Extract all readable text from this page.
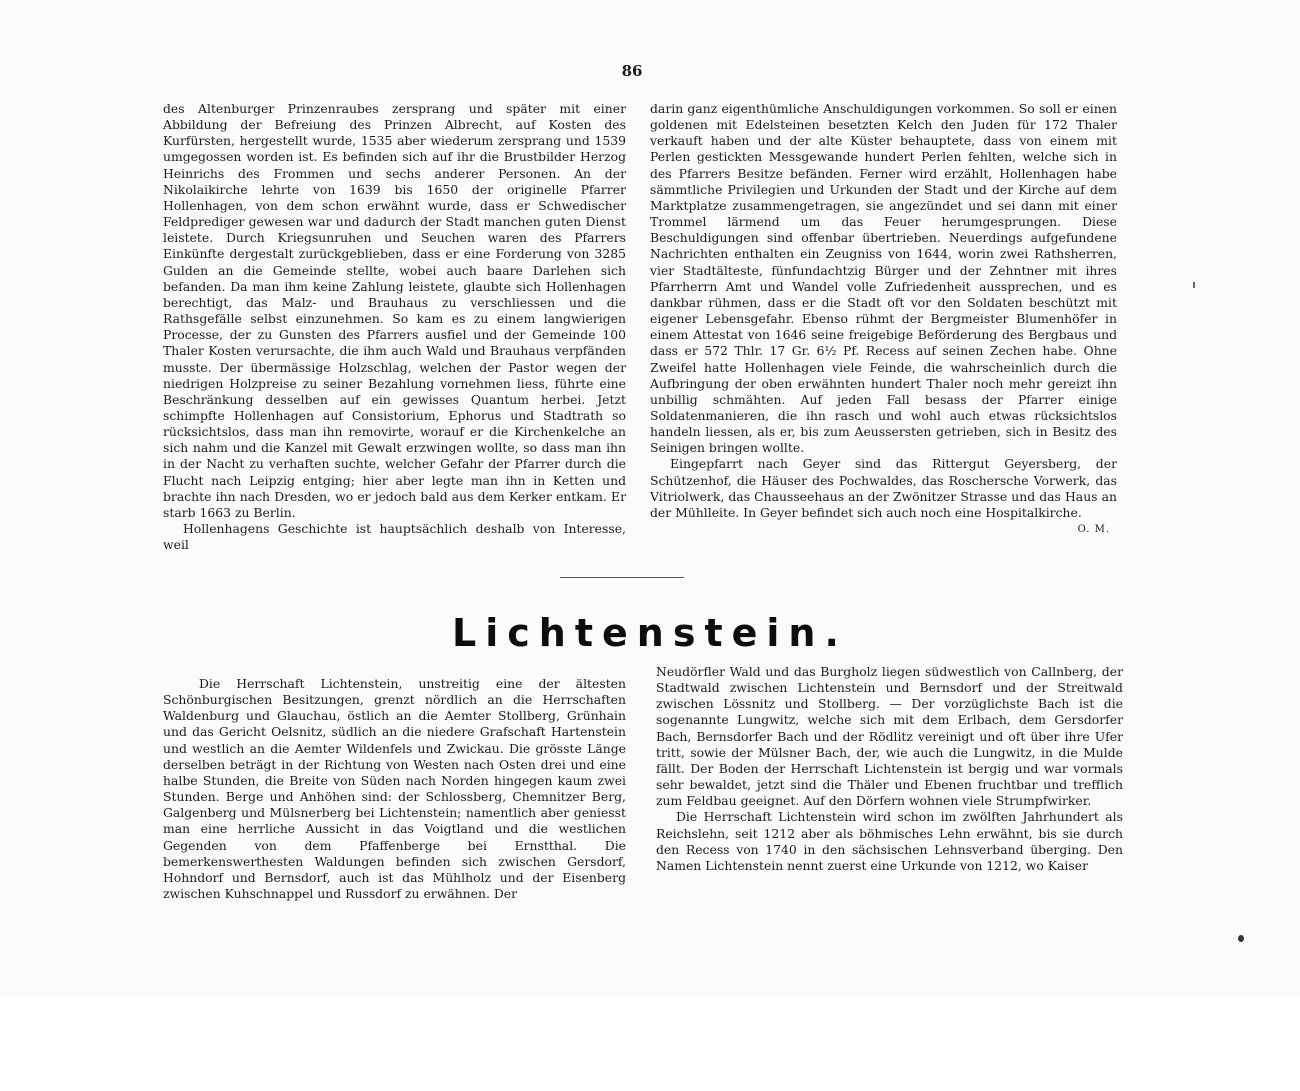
86

des Altenburger Prinzenraubes zersprang und später mit einer Abbildung der Befreiung des Prinzen Albrecht, auf Kosten des Kurfürsten, hergestellt wurde, 1535 aber wiederum zersprang und 1539 umgegossen worden ist. Es befinden sich auf ihr die Brustbilder Herzog Heinrichs des Frommen und sechs anderer Personen. An der Nikolaikirche lehrte von 1639 bis 1650 der originelle Pfarrer Hollenhagen, von dem schon erwähnt wurde, dass er Schwedischer Feldprediger gewesen war und dadurch der Stadt manchen guten Dienst leistete. Durch Kriegsunruhen und Seuchen waren des Pfarrers Einkünfte dergestalt zurückgeblieben, dass er eine Forderung von 3285 Gulden an die Gemeinde stellte, wobei auch baare Darlehen sich befanden. Da man ihm keine Zahlung leistete, glaubte sich Hollenhagen berechtigt, das Malz- und Brauhaus zu verschliessen und die Rathsgefälle selbst einzunehmen. So kam es zu einem langwierigen Processe, der zu Gunsten des Pfarrers ausfiel und der Gemeinde 100 Thaler Kosten verursachte, die ihm auch Wald und Brauhaus verpfänden musste. Der übermässige Holzschlag, welchen der Pastor wegen der niedrigen Holzpreise zu seiner Bezahlung vornehmen liess, führte eine Beschränkung desselben auf ein gewisses Quantum herbei. Jetzt schimpfte Hollenhagen auf Consistorium, Ephorus und Stadtrath so rücksichtslos, dass man ihn removirte, worauf er die Kirchenkelche an sich nahm und die Kanzel mit Gewalt erzwingen wollte, so dass man ihn in der Nacht zu verhaften suchte, welcher Gefahr der Pfarrer durch die Flucht nach Leipzig entging; hier aber legte man ihn in Ketten und brachte ihn nach Dresden, wo er jedoch bald aus dem Kerker entkam. Er starb 1663 zu Berlin.

Hollenhagens Geschichte ist hauptsächlich deshalb von Interesse, weil

darin ganz eigenthümliche Anschuldigungen vorkommen. So soll er einen goldenen mit Edelsteinen besetzten Kelch den Juden für 172 Thaler verkauft haben und der alte Küster behauptete, dass von einem mit Perlen gestickten Messgewande hundert Perlen fehlten, welche sich in des Pfarrers Besitze befänden. Ferner wird erzählt, Hollenhagen habe sämmtliche Privilegien und Urkunden der Stadt und der Kirche auf dem Marktplatze zusammengetragen, sie angezündet und sei dann mit einer Trommel lärmend um das Feuer herumgesprungen. Diese Beschuldigungen sind offenbar übertrieben. Neuerdings aufgefundene Nachrichten enthalten ein Zeugniss von 1644, worin zwei Rathsherren, vier Stadtälteste, fünfundachtzig Bürger und der Zehntner mit ihres Pfarrherrn Amt und Wandel volle Zufriedenheit aussprechen, und es dankbar rühmen, dass er die Stadt oft vor den Soldaten beschützt mit eigener Lebensgefahr. Ebenso rühmt der Bergmeister Blumenhöfer in einem Attestat von 1646 seine freigebige Beförderung des Bergbaus und dass er 572 Thlr. 17 Gr. 6½ Pf. Recess auf seinen Zechen habe. Ohne Zweifel hatte Hollenhagen viele Feinde, die wahrscheinlich durch die Aufbringung der oben erwähnten hundert Thaler noch mehr gereizt ihn unbillig schmähten. Auf jeden Fall besass der Pfarrer einige Soldatenmanieren, die ihn rasch und wohl auch etwas rücksichtslos handeln liessen, als er, bis zum Aeussersten getrieben, sich in Besitz des Seinigen bringen wollte.

Eingepfarrt nach Geyer sind das Rittergut Geyersberg, der Schützenhof, die Häuser des Pochwaldes, das Roschersche Vorwerk, das Vitriolwerk, das Chausseehaus an der Zwönitzer Strasse und das Haus an der Mühlleite. In Geyer befindet sich auch noch eine Hospitalkirche.

O. M.
Lichtenstein.

Die Herrschaft Lichtenstein, unstreitig eine der ältesten Schönburgischen Besitzungen, grenzt nördlich an die Herrschaften Waldenburg und Glauchau, östlich an die Aemter Stollberg, Grünhain und das Gericht Oelsnitz, südlich an die niedere Grafschaft Hartenstein und westlich an die Aemter Wildenfels und Zwickau. Die grösste Länge derselben beträgt in der Richtung von Westen nach Osten drei und eine halbe Stunden, die Breite von Süden nach Norden hingegen kaum zwei Stunden. Berge und Anhöhen sind: der Schlossberg, Chemnitzer Berg, Galgenberg und Mülsnerberg bei Lichtenstein; namentlich aber geniesst man eine herrliche Aussicht in das Voigtland und die westlichen Gegenden von dem Pfaffenberge bei Ernstthal. Die bemerkenswerthesten Waldungen befinden sich zwischen Gersdorf, Hohndorf und Bernsdorf, auch ist das Mühlholz und der Eisenberg zwischen Kuhschnappel und Russdorf zu erwähnen. Der

Neudörfler Wald und das Burgholz liegen südwestlich von Callnberg, der Stadtwald zwischen Lichtenstein und Bernsdorf und der Streitwald zwischen Lössnitz und Stollberg. — Der vorzüglichste Bach ist die sogenannte Lungwitz, welche sich mit dem Erlbach, dem Gersdorfer Bach, Bernsdorfer Bach und der Rödlitz vereinigt und oft über ihre Ufer tritt, sowie der Mülsner Bach, der, wie auch die Lungwitz, in die Mulde fällt. Der Boden der Herrschaft Lichtenstein ist bergig und war vormals sehr bewaldet, jetzt sind die Thäler und Ebenen fruchtbar und trefflich zum Feldbau geeignet. Auf den Dörfern wohnen viele Strumpfwirker.

Die Herrschaft Lichtenstein wird schon im zwölften Jahrhundert als Reichslehn, seit 1212 aber als böhmisches Lehn erwähnt, bis sie durch den Recess von 1740 in den sächsischen Lehnsverband überging. Den Namen Lichtenstein nennt zuerst eine Urkunde von 1212, wo Kaiser
